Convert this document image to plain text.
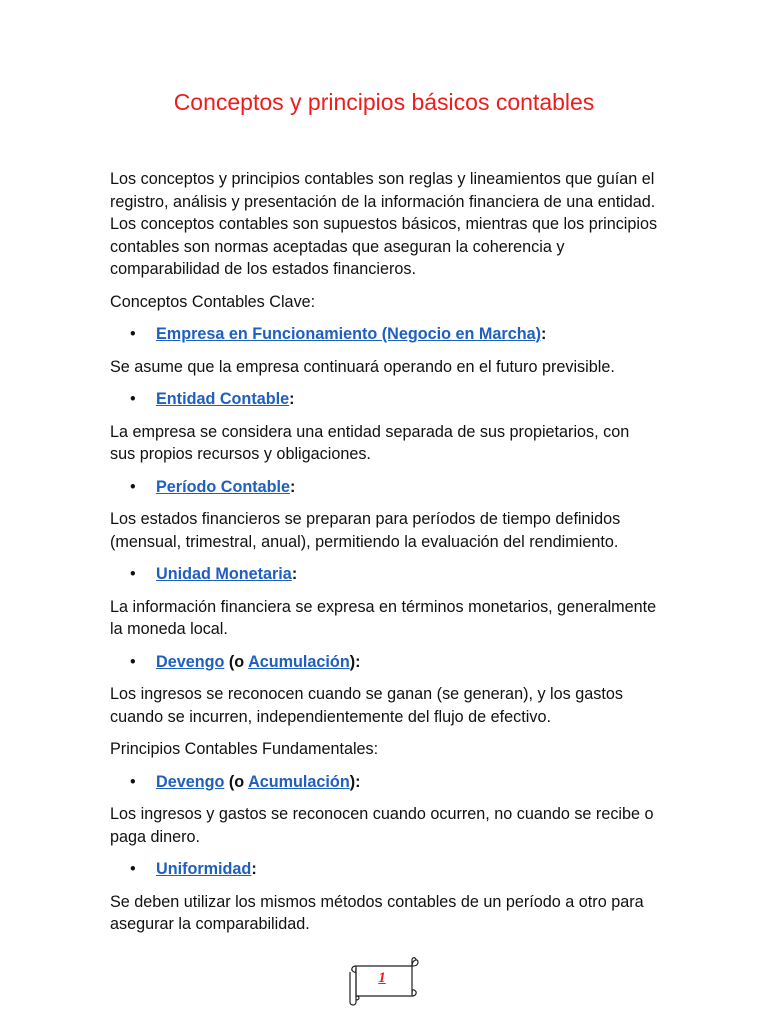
Conceptos y principios básicos contables

Los conceptos y principios contables son reglas y lineamientos que guían el registro, análisis y presentación de la información financiera de una entidad. Los conceptos contables son supuestos básicos, mientras que los principios contables son normas aceptadas que aseguran la coherencia y comparabilidad de los estados financieros.

Conceptos Contables Clave:

• Empresa en Funcionamiento (Negocio en Marcha):

Se asume que la empresa continuará operando en el futuro previsible.

• Entidad Contable:

La empresa se considera una entidad separada de sus propietarios, con sus propios recursos y obligaciones.

• Período Contable:

Los estados financieros se preparan para períodos de tiempo definidos (mensual, trimestral, anual), permitiendo la evaluación del rendimiento.

• Unidad Monetaria:

La información financiera se expresa en términos monetarios, generalmente la moneda local.

• Devengo (o Acumulación):

Los ingresos se reconocen cuando se ganan (se generan), y los gastos cuando se incurren, independientemente del flujo de efectivo.

Principios Contables Fundamentales:

• Devengo (o Acumulación):

Los ingresos y gastos se reconocen cuando ocurren, no cuando se recibe o paga dinero.

• Uniformidad:

Se deben utilizar los mismos métodos contables de un período a otro para asegurar la comparabilidad.

1
